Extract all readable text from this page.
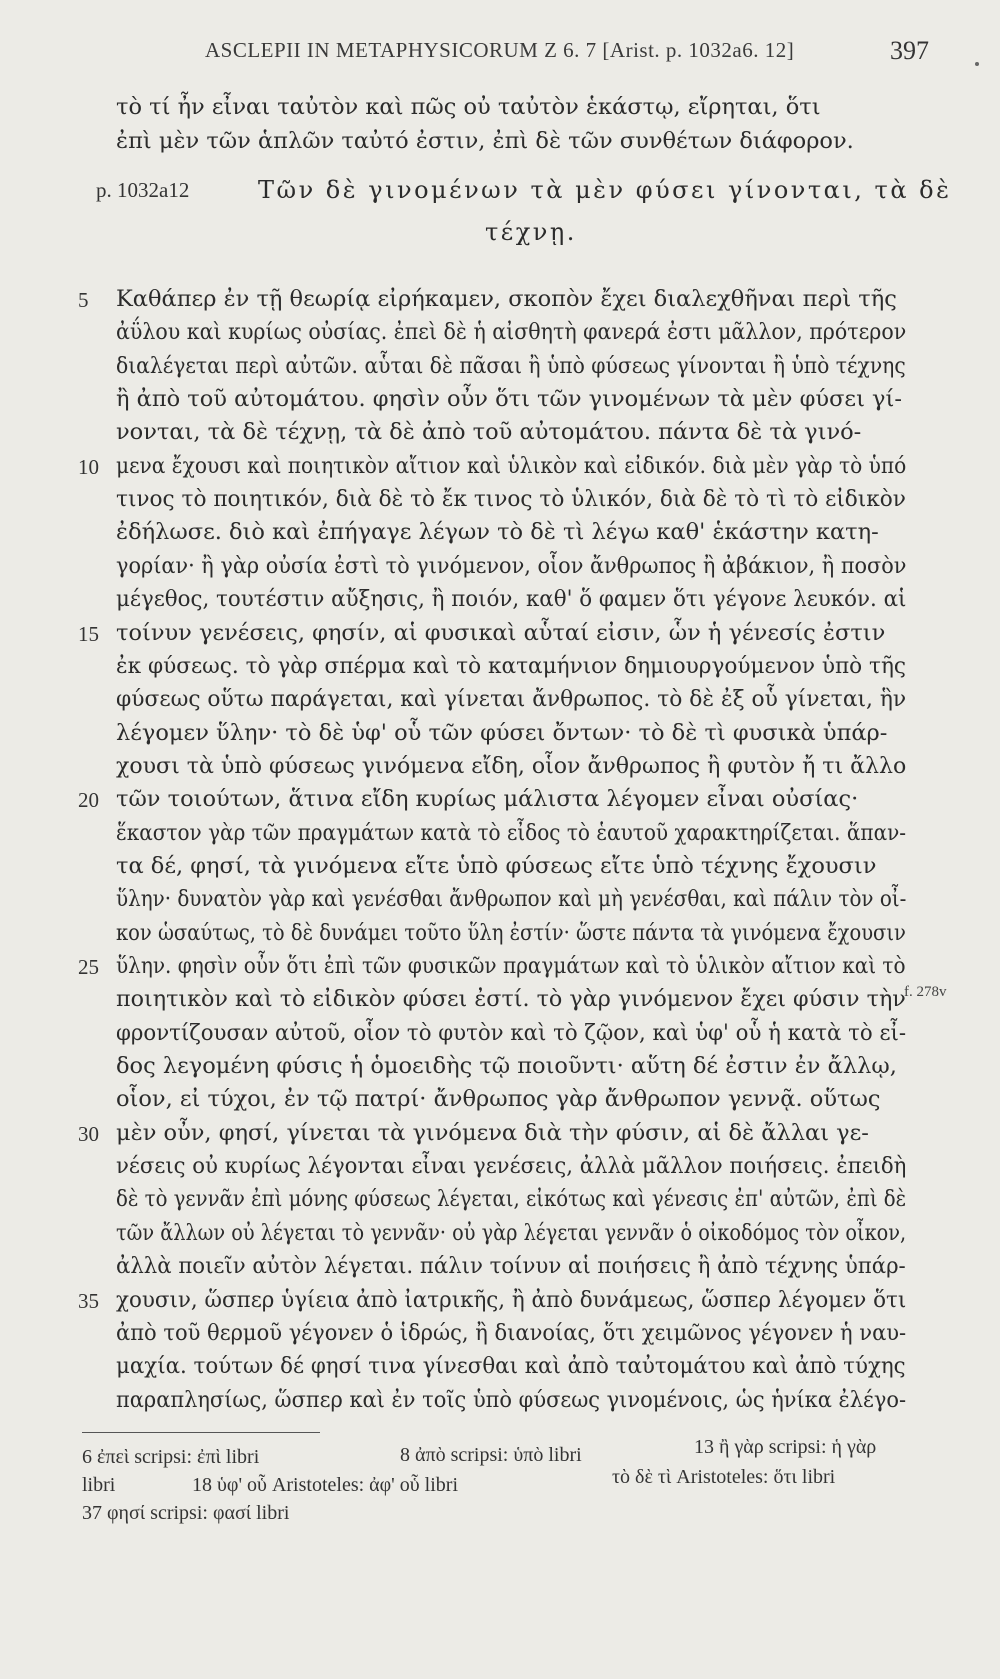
ASCLEPII IN METAPHYSICORUM Z 6. 7 [Arist. p. 1032a6. 12]	397
τὸ τί ἦν εἶναι ταὐτὸν καὶ πῶς οὐ ταὐτὸν ἑκάστῳ, εἴρηται, ὅτι
ἐπὶ μὲν τῶν ἁπλῶν ταὐτό ἐστιν, ἐπὶ δὲ τῶν συνθέτων διάφορον.
p. 1032a12	Τῶν δὲ γινομένων τὰ μὲν φύσει γίνονται, τὰ δὲ
τέχνῃ.
5	Καθάπερ ἐν τῇ θεωρίᾳ εἰρήκαμεν, σκοπὸν ἔχει διαλεχθῆναι περὶ τῆς
ἀΰλου καὶ κυρίως οὐσίας. ἐπεὶ δὲ ἡ αἰσθητὴ φανερά ἐστι μᾶλλον, πρότερον
διαλέγεται περὶ αὐτῶν. αὗται δὲ πᾶσαι ἢ ὑπὸ φύσεως γίνονται ἢ ὑπὸ τέχνης
ἢ ἀπὸ τοῦ αὐτομάτου. φησὶν οὖν ὅτι τῶν γινομένων τὰ μὲν φύσει γί-
νονται, τὰ δὲ τέχνῃ, τὰ δὲ ἀπὸ τοῦ αὐτομάτου. πάντα δὲ τὰ γινό-
10 μενα ἔχουσι καὶ ποιητικὸν αἴτιον καὶ ὑλικὸν καὶ εἰδικόν. διὰ μὲν γὰρ τὸ ὑπό
τινος τὸ ποιητικόν, διὰ δὲ τὸ ἔκ τινος τὸ ὑλικόν, διὰ δὲ τὸ τὶ τὸ εἰδικὸν
ἐδήλωσε. διὸ καὶ ἐπήγαγε λέγων τὸ δὲ τὶ λέγω καθ' ἑκάστην κατη-
γορίαν· ἢ γὰρ οὐσία ἐστὶ τὸ γινόμενον, οἷον ἄνθρωπος ἢ ἀβάκιον, ἢ ποσὸν
μέγεθος, τουτέστιν αὔξησις, ἢ ποιόν, καθ' ὅ φαμεν ὅτι γέγονε λευκόν. αἱ
15 τοίνυν γενέσεις, φησίν, αἱ φυσικαὶ αὗταί εἰσιν, ὧν ἡ γένεσίς ἐστιν
ἐκ φύσεως. τὸ γὰρ σπέρμα καὶ τὸ καταμήνιον δημιουργούμενον ὑπὸ τῆς
φύσεως οὕτω παράγεται, καὶ γίνεται ἄνθρωπος. τὸ δὲ ἐξ οὗ γίνεται, ἣν
λέγομεν ὕλην· τὸ δὲ ὑφ' οὗ τῶν φύσει ὄντων· τὸ δὲ τὶ φυσικὰ ὑπάρ-
χουσι τὰ ὑπὸ φύσεως γινόμενα εἴδη, οἷον ἄνθρωπος ἢ φυτὸν ἤ τι ἄλλο
20 τῶν τοιούτων, ἅτινα εἴδη κυρίως μάλιστα λέγομεν εἶναι οὐσίας·
ἕκαστον γὰρ τῶν πραγμάτων κατὰ τὸ εἶδος τὸ ἑαυτοῦ χαρακτηρίζεται. ἅπαν-
τα δέ, φησί, τὰ γινόμενα εἴτε ὑπὸ φύσεως εἴτε ὑπὸ τέχνης ἔχουσιν
ὕλην· δυνατὸν γὰρ καὶ γενέσθαι ἄνθρωπον καὶ μὴ γενέσθαι, καὶ πάλιν τὸν οἶ-
κον ὡσαύτως, τὸ δὲ δυνάμει τοῦτο ὕλη ἐστίν· ὥστε πάντα τὰ γινόμενα ἔχουσιν
25 ὕλην. φησὶν οὖν ὅτι ἐπὶ τῶν φυσικῶν πραγμάτων καὶ τὸ ὑλικὸν αἴτιον καὶ τὸ
ποιητικὸν καὶ τὸ εἰδικὸν φύσει ἐστί. τὸ γὰρ γινόμενον ἔχει φύσιν τὴν
φροντίζουσαν αὐτοῦ, οἷον τὸ φυτὸν καὶ τὸ ζῷον, καὶ ὑφ' οὗ ἡ κατὰ τὸ εἶ-
δος λεγομένη φύσις ἡ ὁμοειδὴς τῷ ποιοῦντι· αὕτη δέ ἐστιν ἐν ἄλλῳ,
οἷον, εἰ τύχοι, ἐν τῷ πατρί· ἄνθρωπος γὰρ ἄνθρωπον γεννᾷ. οὕτως
30 μὲν οὖν, φησί, γίνεται τὰ γινόμενα διὰ τὴν φύσιν, αἱ δὲ ἄλλαι γε-
νέσεις οὐ κυρίως λέγονται εἶναι γενέσεις, ἀλλὰ μᾶλλον ποιήσεις. ἐπειδὴ
δὲ τὸ γεννᾶν ἐπὶ μόνης φύσεως λέγεται, εἰκότως καὶ γένεσις ἐπ' αὐτῶν, ἐπὶ δὲ
τῶν ἄλλων οὐ λέγεται τὸ γεννᾶν· οὐ γὰρ λέγεται γεννᾶν ὁ οἰκοδόμος τὸν οἶκον,
ἀλλὰ ποιεῖν αὐτὸν λέγεται. πάλιν τοίνυν αἱ ποιήσεις ἢ ἀπὸ τέχνης ὑπάρ-
35 χουσιν, ὥσπερ ὑγίεια ἀπὸ ἰατρικῆς, ἢ ἀπὸ δυνάμεως, ὥσπερ λέγομεν ὅτι
ἀπὸ τοῦ θερμοῦ γέγονεν ὁ ἱδρώς, ἢ διανοίας, ὅτι χειμῶνος γέγονεν ἡ ναυ-
μαχία. τούτων δέ φησί τινα γίνεσθαι καὶ ἀπὸ ταὐτομάτου καὶ ἀπὸ τύχης
παραπλησίως, ὥσπερ καὶ ἐν τοῖς ὑπὸ φύσεως γινομένοις, ὡς ἡνίκα ἐλέγο-
f. 278v
6 ἐπεὶ scripsi: ἐπὶ libri	8 ἀπὸ scripsi: ὑπὸ libri	13 ἢ γὰρ scripsi: ἡ γὰρ
libri	18 ὑφ' οὗ Aristoteles: ἀφ' οὗ libri	τὸ δὲ τὶ Aristoteles: ὅτι libri
37 φησί scripsi: φασί libri
